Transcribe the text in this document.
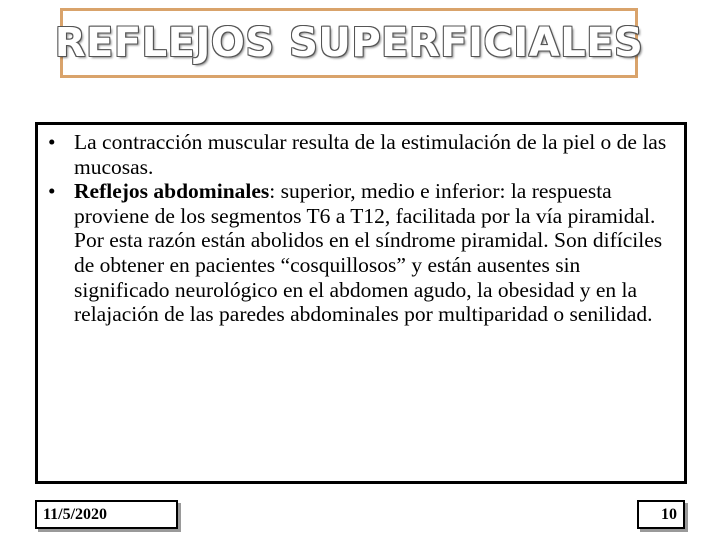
REFLEJOS SUPERFICIALES
• La contracción muscular resulta de la estimulación de la piel o de las mucosas.
• Reflejos abdominales: superior, medio e inferior: la respuesta proviene de los segmentos T6 a T12, facilitada por la vía piramidal. Por esta razón están abolidos en el síndrome piramidal. Son difíciles de obtener en pacientes “cosquillosos” y están ausentes sin significado neurológico en el abdomen agudo, la obesidad y en la relajación de las paredes abdominales por multiparidad o senilidad.
11/5/2020	10
